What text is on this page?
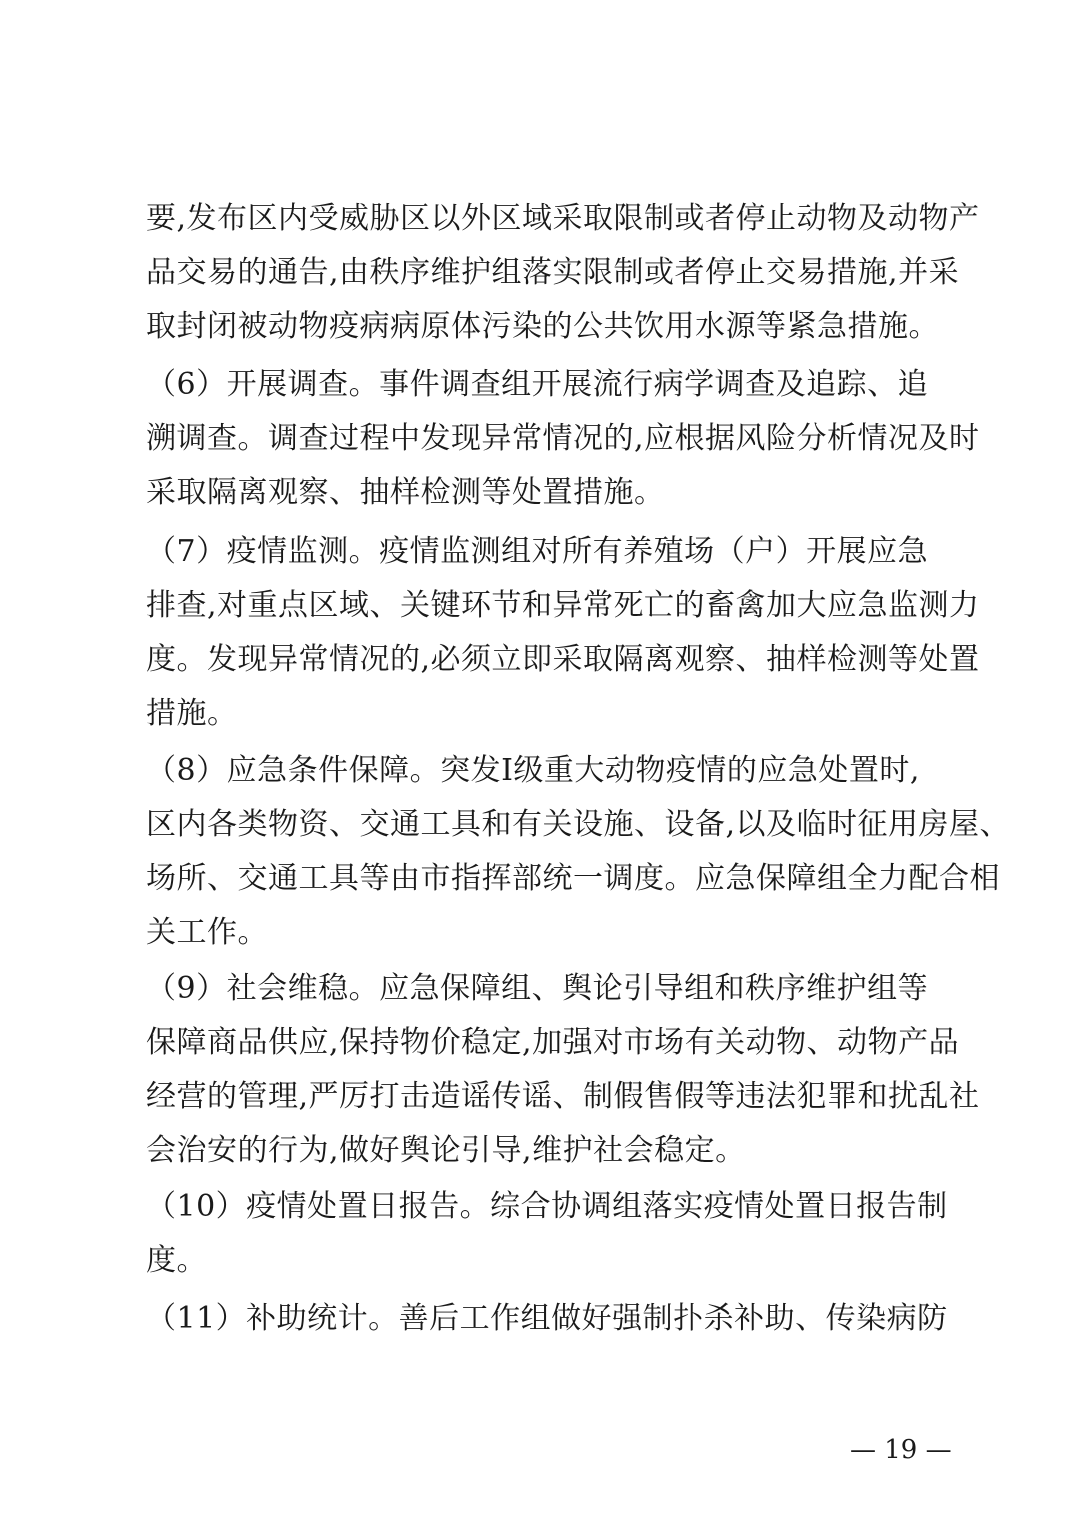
要,发布区内受威胁区以外区域采取限制或者停止动物及动物产
品交易的通告,由秩序维护组落实限制或者停止交易措施,并采
取封闭被动物疫病病原体污染的公共饮用水源等紧急措施。
（6）开展调查。事件调查组开展流行病学调查及追踪、追
溯调查。调查过程中发现异常情况的,应根据风险分析情况及时
采取隔离观察、抽样检测等处置措施。
（7）疫情监测。疫情监测组对所有养殖场（户）开展应急
排查,对重点区域、关键环节和异常死亡的畜禽加大应急监测力
度。发现异常情况的,必须立即采取隔离观察、抽样检测等处置
措施。
（8）应急条件保障。突发Ⅰ级重大动物疫情的应急处置时,
区内各类物资、交通工具和有关设施、设备,以及临时征用房屋、
场所、交通工具等由市指挥部统一调度。应急保障组全力配合相
关工作。
（9）社会维稳。应急保障组、舆论引导组和秩序维护组等
保障商品供应,保持物价稳定,加强对市场有关动物、动物产品
经营的管理,严厉打击造谣传谣、制假售假等违法犯罪和扰乱社
会治安的行为,做好舆论引导,维护社会稳定。
（10）疫情处置日报告。综合协调组落实疫情处置日报告制
度。
（11）补助统计。善后工作组做好强制扑杀补助、传染病防
— 19 —
